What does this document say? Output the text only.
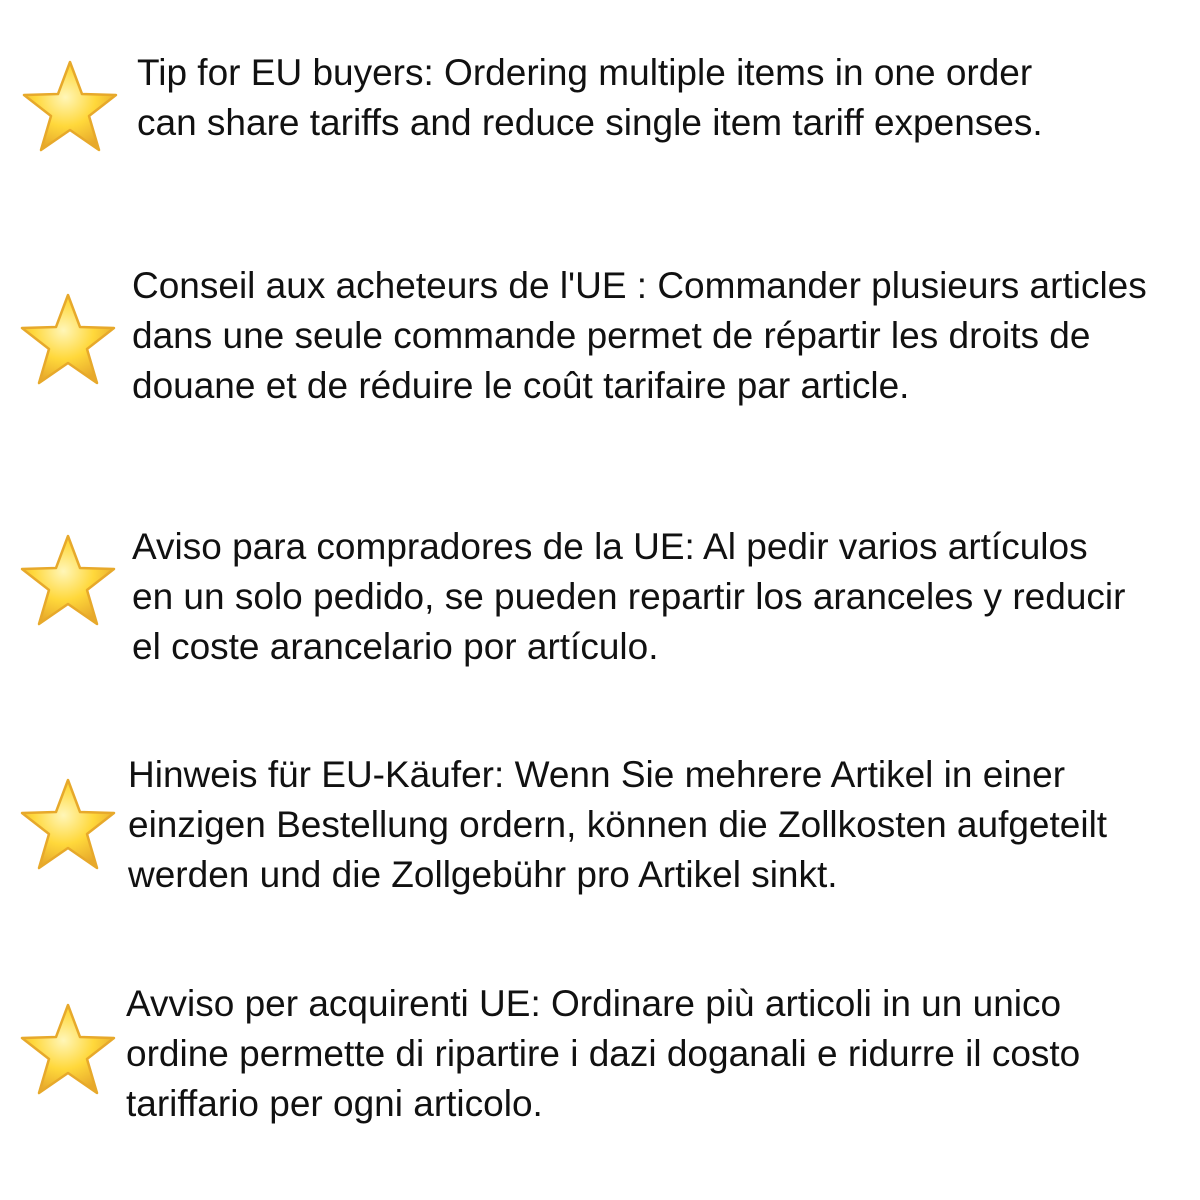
Tip for EU buyers: Ordering multiple items in one order can share tariffs and reduce single item tariff expenses.

Conseil aux acheteurs de l'UE : Commander plusieurs articles dans une seule commande permet de répartir les droits de douane et de réduire le coût tarifaire par article.

Aviso para compradores de la UE: Al pedir varios artículos en un solo pedido, se pueden repartir los aranceles y reducir el coste arancelario por artículo.

Hinweis für EU-Käufer: Wenn Sie mehrere Artikel in einer einzigen Bestellung ordern, können die Zollkosten aufgeteilt werden und die Zollgebühr pro Artikel sinkt.

Avviso per acquirenti UE: Ordinare più articoli in un unico ordine permette di ripartire i dazi doganali e ridurre il costo tariffario per ogni articolo.
